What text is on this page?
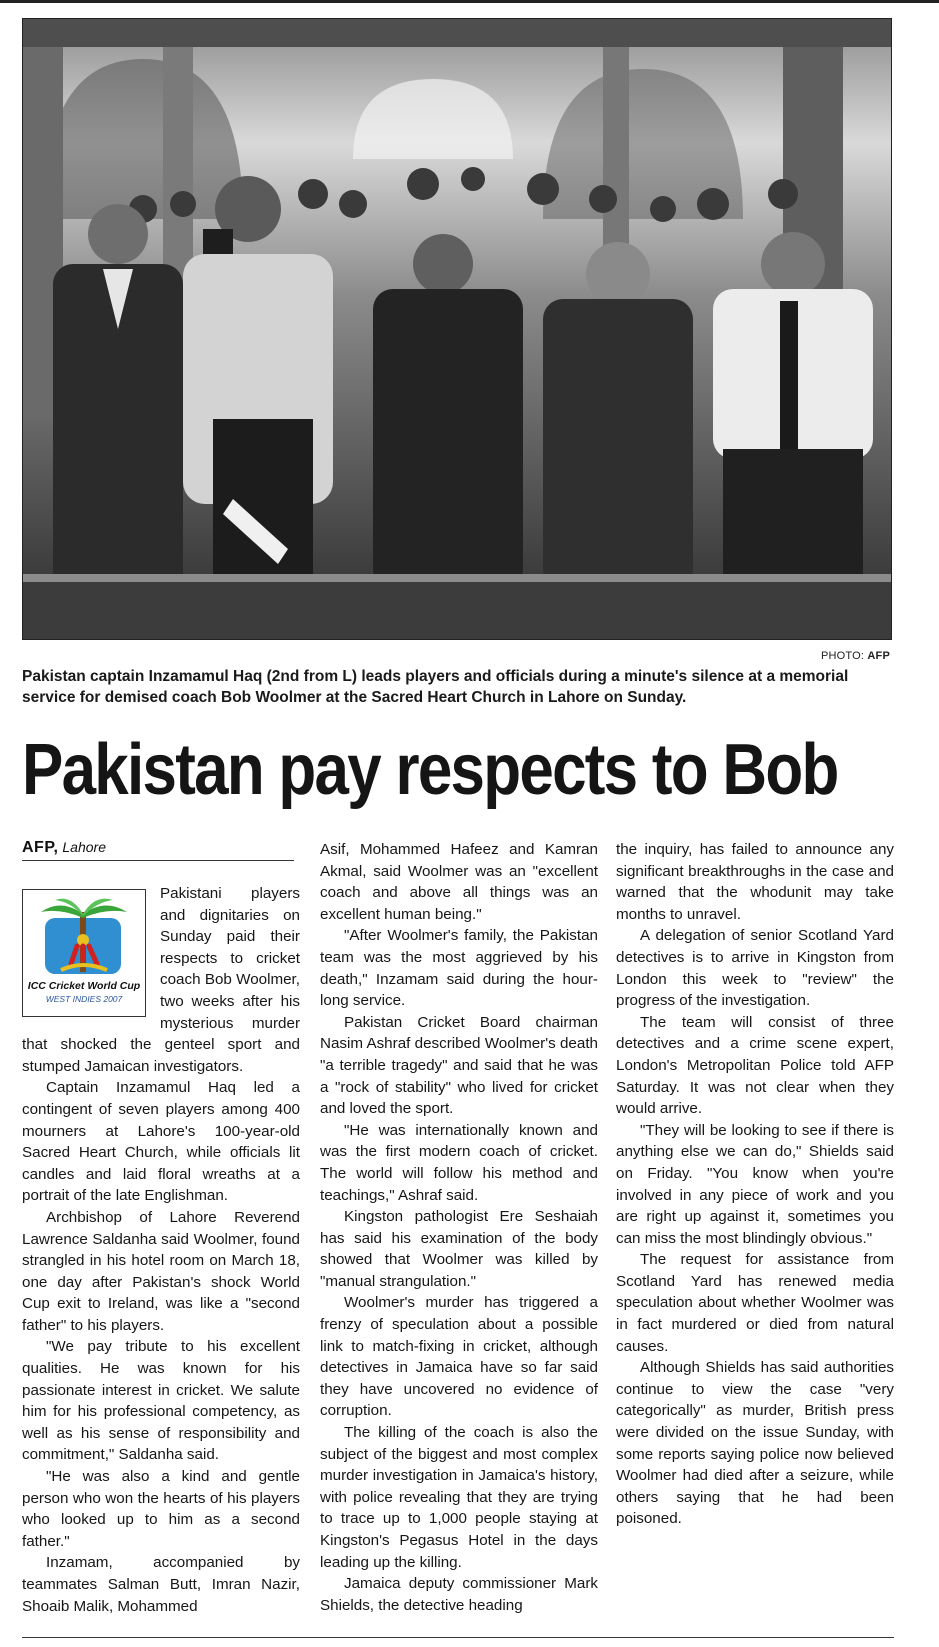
PHOTO: AFP
Pakistan captain Inzamamul Haq (2nd from L) leads players and officials during a minute's silence at a memorial service for demised coach Bob Woolmer at the Sacred Heart Church in Lahore on Sunday.
Pakistan pay respects to Bob
AFP, Lahore
ICC Cricket World Cup
WEST INDIES 2007

Pakistani players and dignitaries on Sunday paid their respects to cricket coach Bob Woolmer, two weeks after his mysterious murder that shocked the genteel sport and stumped Jamaican investigators.

Captain Inzamamul Haq led a contingent of seven players among 400 mourners at Lahore's 100-year-old Sacred Heart Church, while officials lit candles and laid floral wreaths at a portrait of the late Englishman.

Archbishop of Lahore Reverend Lawrence Saldanha said Woolmer, found strangled in his hotel room on March 18, one day after Pakistan's shock World Cup exit to Ireland, was like a "second father" to his players.

"We pay tribute to his excellent qualities. He was known for his passionate interest in cricket. We salute him for his professional competency, as well as his sense of responsibility and commitment," Saldanha said.

"He was also a kind and gentle person who won the hearts of his players who looked up to him as a second father."

Inzamam, accompanied by teammates Salman Butt, Imran Nazir, Shoaib Malik, Mohammed

Asif, Mohammed Hafeez and Kamran Akmal, said Woolmer was an "excellent coach and above all things was an excellent human being."

"After Woolmer's family, the Pakistan team was the most aggrieved by his death," Inzamam said during the hour-long service.

Pakistan Cricket Board chairman Nasim Ashraf described Woolmer's death "a terrible tragedy" and said that he was a "rock of stability" who lived for cricket and loved the sport.

"He was internationally known and was the first modern coach of cricket. The world will follow his method and teachings," Ashraf said.

Kingston pathologist Ere Seshaiah has said his examination of the body showed that Woolmer was killed by "manual strangulation."

Woolmer's murder has triggered a frenzy of speculation about a possible link to match-fixing in cricket, although detectives in Jamaica have so far said they have uncovered no evidence of corruption.

The killing of the coach is also the subject of the biggest and most complex murder investigation in Jamaica's history, with police revealing that they are trying to trace up to 1,000 people staying at Kingston's Pegasus Hotel in the days leading up the killing.

Jamaica deputy commissioner Mark Shields, the detective heading

the inquiry, has failed to announce any significant breakthroughs in the case and warned that the whodunit may take months to unravel.

A delegation of senior Scotland Yard detectives is to arrive in Kingston from London this week to "review" the progress of the investigation.

The team will consist of three detectives and a crime scene expert, London's Metropolitan Police told AFP Saturday. It was not clear when they would arrive.

"They will be looking to see if there is anything else we can do," Shields said on Friday. "You know when you're involved in any piece of work and you are right up against it, sometimes you can miss the most blindingly obvious."

The request for assistance from Scotland Yard has renewed media speculation about whether Woolmer was in fact murdered or died from natural causes.

Although Shields has said authorities continue to view the case "very categorically" as murder, British press were divided on the issue Sunday, with some reports saying police now believed Woolmer had died after a seizure, while others saying that he had been poisoned.
